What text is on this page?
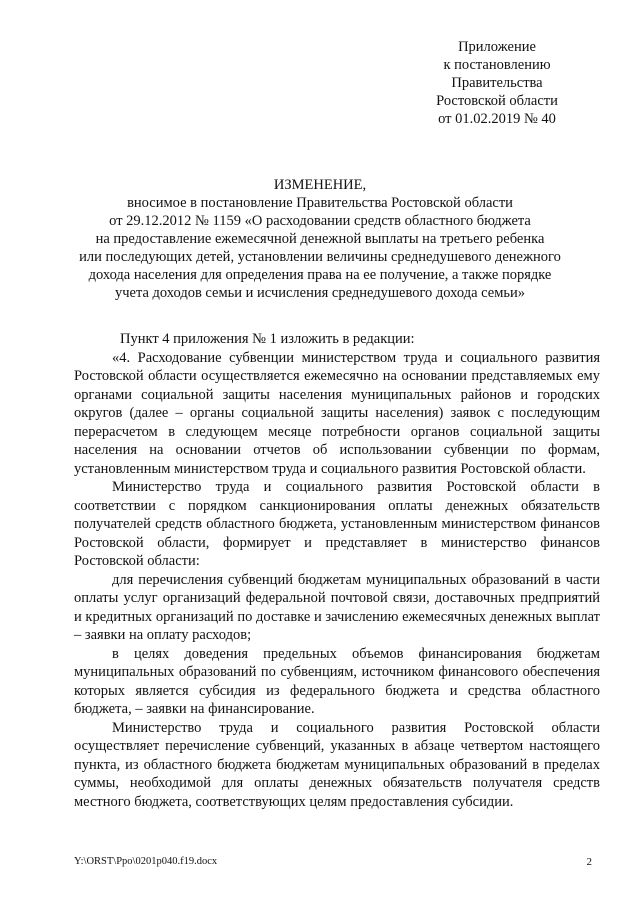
Приложение
к постановлению
Правительства
Ростовской области
от 01.02.2019 № 40
ИЗМЕНЕНИЕ,
вносимое в постановление Правительства Ростовской области
от 29.12.2012 № 1159 «О расходовании средств областного бюджета
на предоставление ежемесячной денежной выплаты на третьего ребенка
или последующих детей, установлении величины среднедушевого денежного
дохода населения для определения права на ее получение, а также порядке
учета доходов семьи и исчисления среднедушевого дохода семьи»

Пункт 4 приложения № 1 изложить в редакции:

«4. Расходование субвенции министерством труда и социального развития Ростовской области осуществляется ежемесячно на основании представляемых ему органами социальной защиты населения муниципальных районов и городских округов (далее – органы социальной защиты населения) заявок с последующим перерасчетом в следующем месяце потребности органов социальной защиты населения на основании отчетов об использовании субвенции по формам, установленным министерством труда и социального развития Ростовской области.

Министерство труда и социального развития Ростовской области в соответствии с порядком санкционирования оплаты денежных обязательств получателей средств областного бюджета, установленным министерством финансов Ростовской области, формирует и представляет в министерство финансов Ростовской области:

для перечисления субвенций бюджетам муниципальных образований в части оплаты услуг организаций федеральной почтовой связи, доставочных предприятий и кредитных организаций по доставке и зачислению ежемесячных денежных выплат – заявки на оплату расходов;

в целях доведения предельных объемов финансирования бюджетам муниципальных образований по субвенциям, источником финансового обеспечения которых является субсидия из федерального бюджета и средства областного бюджета, – заявки на финансирование.

Министерство труда и социального развития Ростовской области осуществляет перечисление субвенций, указанных в абзаце четвертом настоящего пункта, из областного бюджета бюджетам муниципальных образований в пределах суммы, необходимой для оплаты денежных обязательств получателя средств местного бюджета, соответствующих целям предоставления субсидии.

Y:\ORST\Ppo\0201p040.f19.docx	2
